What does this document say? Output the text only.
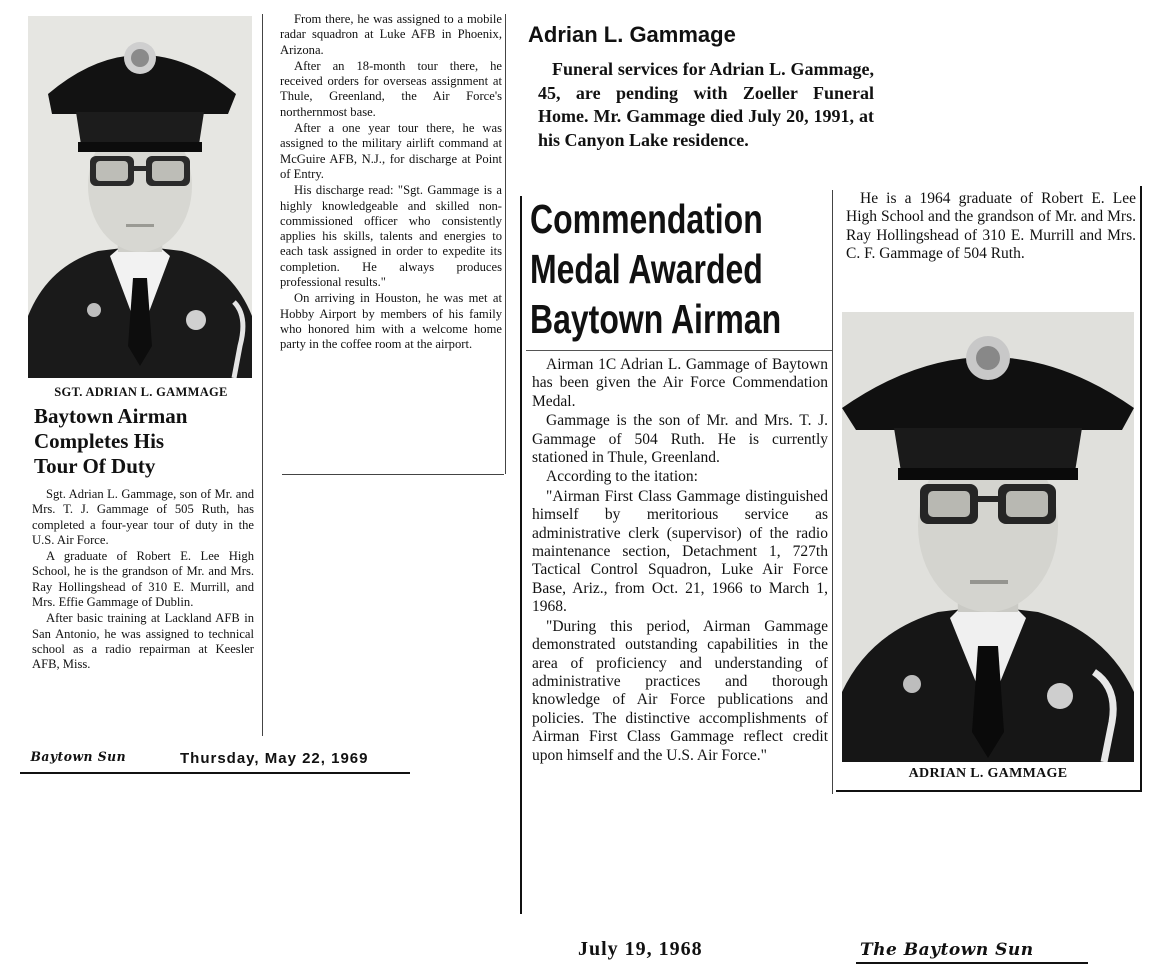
SGT. ADRIAN L. GAMMAGE
Baytown Airman
Completes His
Tour Of Duty

Sgt. Adrian L. Gammage, son of Mr. and Mrs. T. J. Gammage of 505 Ruth, has completed a four-year tour of duty in the U.S. Air Force.

A graduate of Robert E. Lee High School, he is the grandson of Mr. and Mrs. Ray Hollingshead of 310 E. Murrill, and Mrs. Effie Gammage of Dublin.

After basic training at Lackland AFB in San Antonio, he was assigned to technical school as a radio repairman at Keesler AFB, Miss.

From there, he was assigned to a mobile radar squadron at Luke AFB in Phoenix, Arizona.

After an 18-month tour there, he received orders for overseas assignment at Thule, Greenland, the Air Force's northernmost base.

After a one year tour there, he was assigned to the military airlift command at McGuire AFB, N.J., for discharge at Point of Entry.

His discharge read: "Sgt. Gammage is a highly knowledgeable and skilled non-commissioned officer who consistently applies his skills, talents and energies to each task assigned in order to expedite its completion. He always produces professional results."

On arriving in Houston, he was met at Hobby Airport by members of his family who honored him with a welcome home party in the coffee room at the airport.

Baytown Sun	Thursday, May 22, 1969
Adrian L. Gammage
Funeral services for Adrian L. Gammage, 45, are pending with Zoeller Funeral Home. Mr. Gammage died July 20, 1991, at his Canyon Lake residence.
Commendation
Medal Awarded
Baytown Airman

Airman 1C Adrian L. Gammage of Baytown has been given the Air Force Commendation Medal.

Gammage is the son of Mr. and Mrs. T. J. Gammage of 504 Ruth. He is currently stationed in Thule, Greenland.

According to the itation:

"Airman First Class Gammage distinguished himself by meritorious service as administrative clerk (supervisor) of the radio maintenance section, Detachment 1, 727th Tactical Control Squadron, Luke Air Force Base, Ariz., from Oct. 21, 1966 to March 1, 1968.

"During this period, Airman Gammage demonstrated outstanding capabilities in the area of proficiency and understanding of administrative practices and thorough knowledge of Air Force publications and policies. The distinctive accomplishments of Airman First Class Gammage reflect credit upon himself and the U.S. Air Force."

He is a 1964 graduate of Robert E. Lee High School and the grandson of Mr. and Mrs. Ray Hollingshead of 310 E. Murrill and Mrs. C. F. Gammage of 504 Ruth.

ADRIAN L. GAMMAGE
July 19, 1968	The Baytown Sun
